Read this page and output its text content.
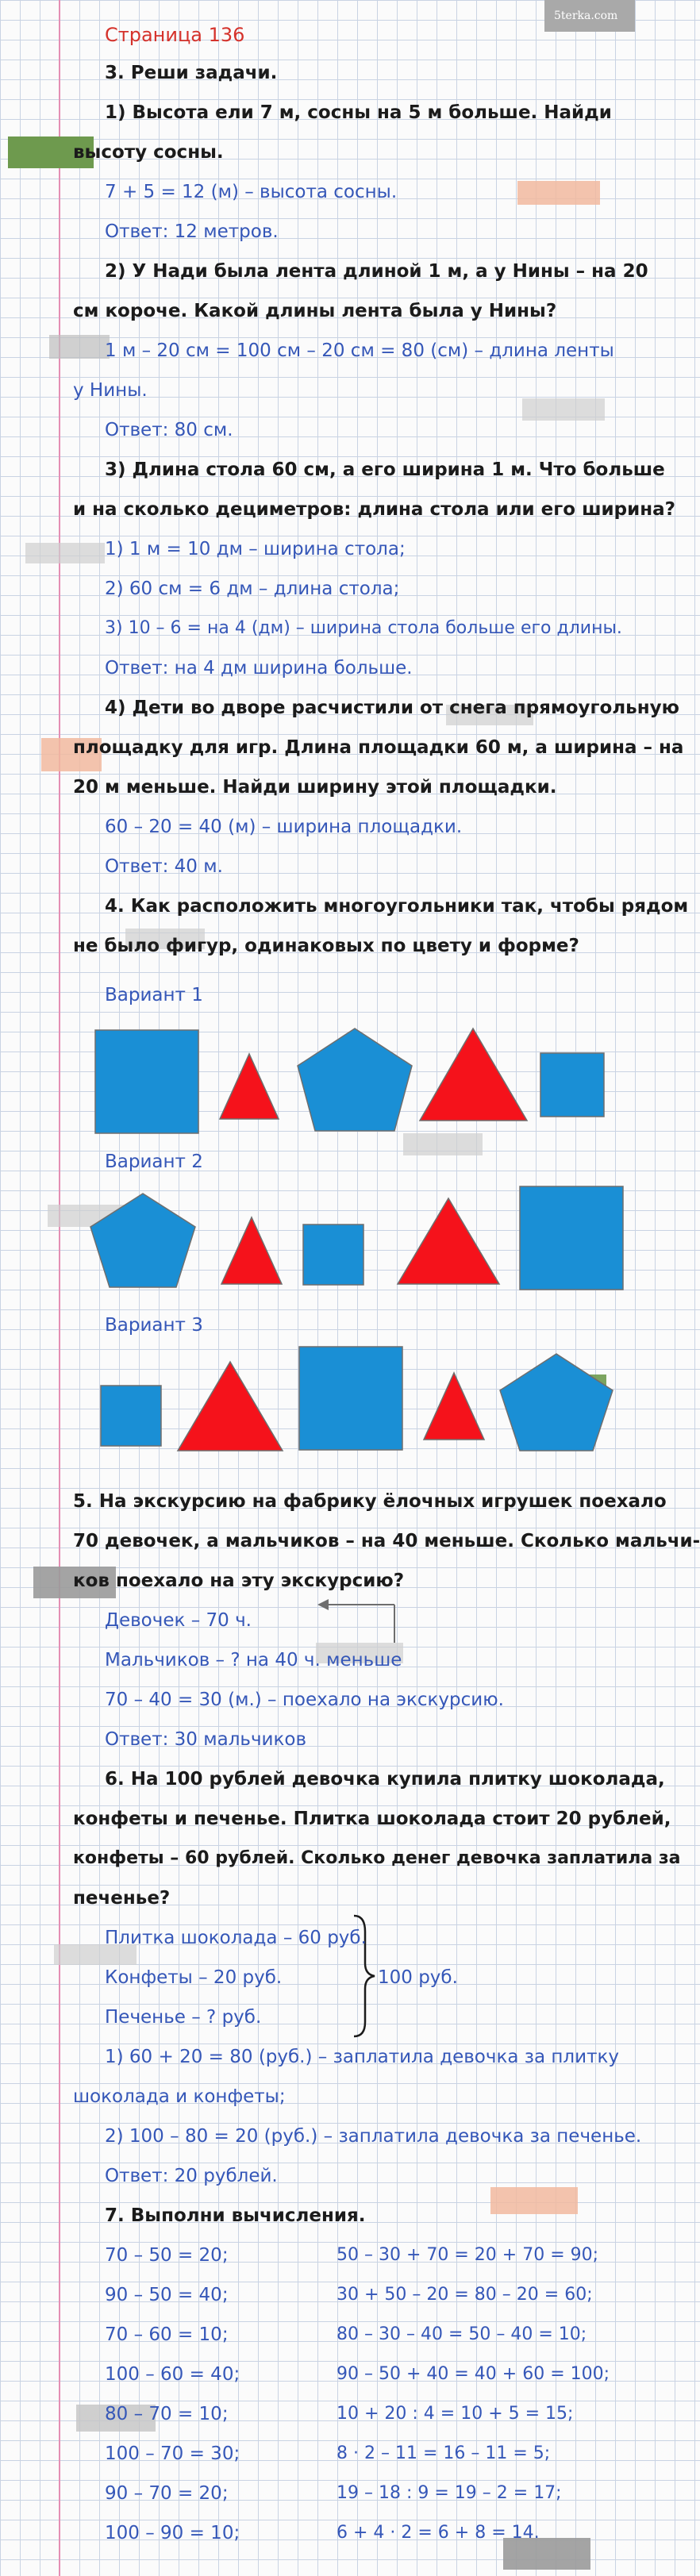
5terka.com
Страница 136
3. Реши задачи.
1) Высота ели 7 м, сосны на 5 м больше. Найди
высоту сосны.
7 + 5 = 12 (м) – высота сосны.
Ответ: 12 метров.
2) У Нади была лента длиной 1 м, а у Нины – на 20
см короче. Какой длины лента была у Нины?
1 м – 20 см = 100 см – 20 см = 80 (см) – длина ленты
у Нины.
Ответ: 80 см.
3) Длина стола 60 см, а его ширина 1 м. Что больше
и на сколько дециметров: длина стола или его ширина?
1) 1 м = 10 дм – ширина стола;
2) 60 см = 6 дм – длина стола;
3) 10 – 6 = на 4 (дм) – ширина стола больше его длины.
Ответ: на 4 дм ширина больше.
4) Дети во дворе расчистили от снега прямоугольную
площадку для игр. Длина площадки 60 м, а ширина – на
20 м меньше. Найди ширину этой площадки.
60 – 20 = 40 (м) – ширина площадки.
Ответ: 40 м.
4. Как расположить многоугольники так, чтобы рядом
не было фигур, одинаковых по цвету и форме?
Вариант 1
Вариант 2
Вариант 3
5. На экскурсию на фабрику ёлочных игрушек поехало
70 девочек, а мальчиков – на 40 меньше. Сколько мальчи-
ков поехало на эту экскурсию?
Девочек – 70 ч.
Мальчиков – ? на 40 ч. меньше
70 – 40 = 30 (м.) – поехало на экскурсию.
Ответ: 30 мальчиков
6. На 100 рублей девочка купила плитку шоколада,
конфеты и печенье. Плитка шоколада стоит 20 рублей,
конфеты – 60 рублей. Сколько денег девочка заплатила за
печенье?
Плитка шоколада – 60 руб.
Конфеты – 20 руб.
Печенье – ? руб.
100 руб.
1) 60 + 20 = 80 (руб.) – заплатила девочка за плитку
шоколада и конфеты;
2) 100 – 80 = 20 (руб.) – заплатила девочка за печенье.
Ответ: 20 рублей.
7. Выполни вычисления.
70 – 50 = 20;	50 – 30 + 70 = 20 + 70 = 90;
90 – 50 = 40;	30 + 50 – 20 = 80 – 20 = 60;
70 – 60 = 10;	80 – 30 – 40 = 50 – 40 = 10;
100 – 60 = 40;	90 – 50 + 40 = 40 + 60 = 100;
80 – 70 = 10;	10 + 20 : 4 = 10 + 5 = 15;
100 – 70 = 30;	8 · 2 – 11 = 16 – 11 = 5;
90 – 70 = 20;	19 – 18 : 9 = 19 – 2 = 17;
100 – 90 = 10;	6 + 4 · 2 = 6 + 8 = 14.
